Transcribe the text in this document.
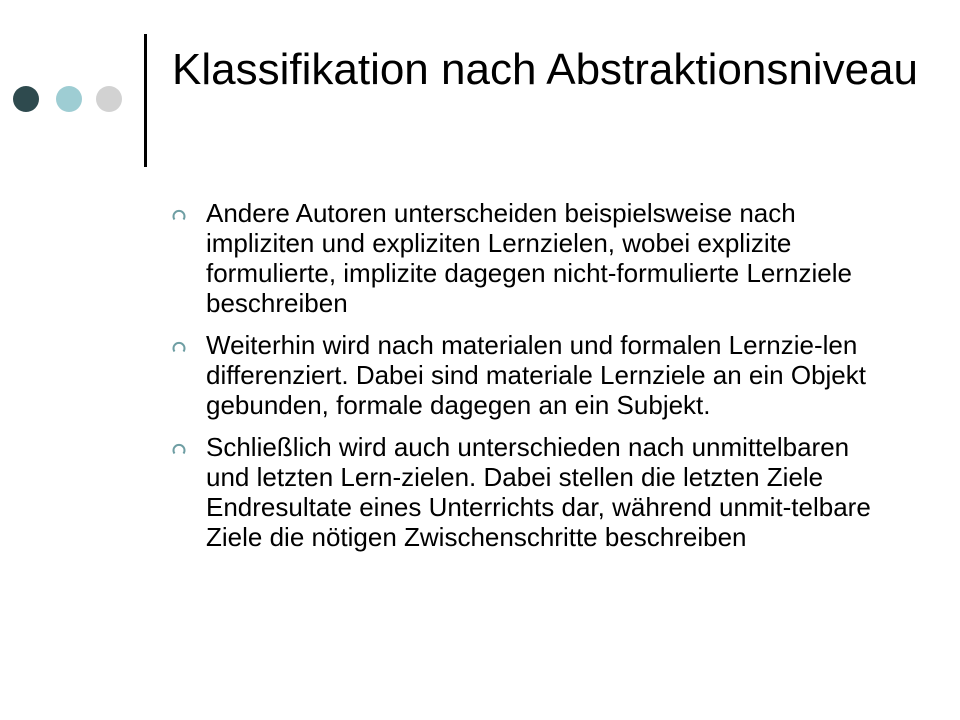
Klassifikation nach Abstraktionsniveau
Andere Autoren unterscheiden beispielsweise nach impliziten und expliziten Lernzielen, wobei explizite formulierte, implizite dagegen nicht-formulierte Lernziele beschreiben
Weiterhin wird nach materialen und formalen Lernzie-len differenziert. Dabei sind materiale Lernziele an ein Objekt gebunden, formale dagegen an ein Subjekt.
Schließlich wird auch unterschieden nach unmittelbaren und letzten Lern-zielen. Dabei stellen die letzten Ziele Endresultate eines Unterrichts dar, während unmit-telbare Ziele die nötigen Zwischenschritte beschreiben
